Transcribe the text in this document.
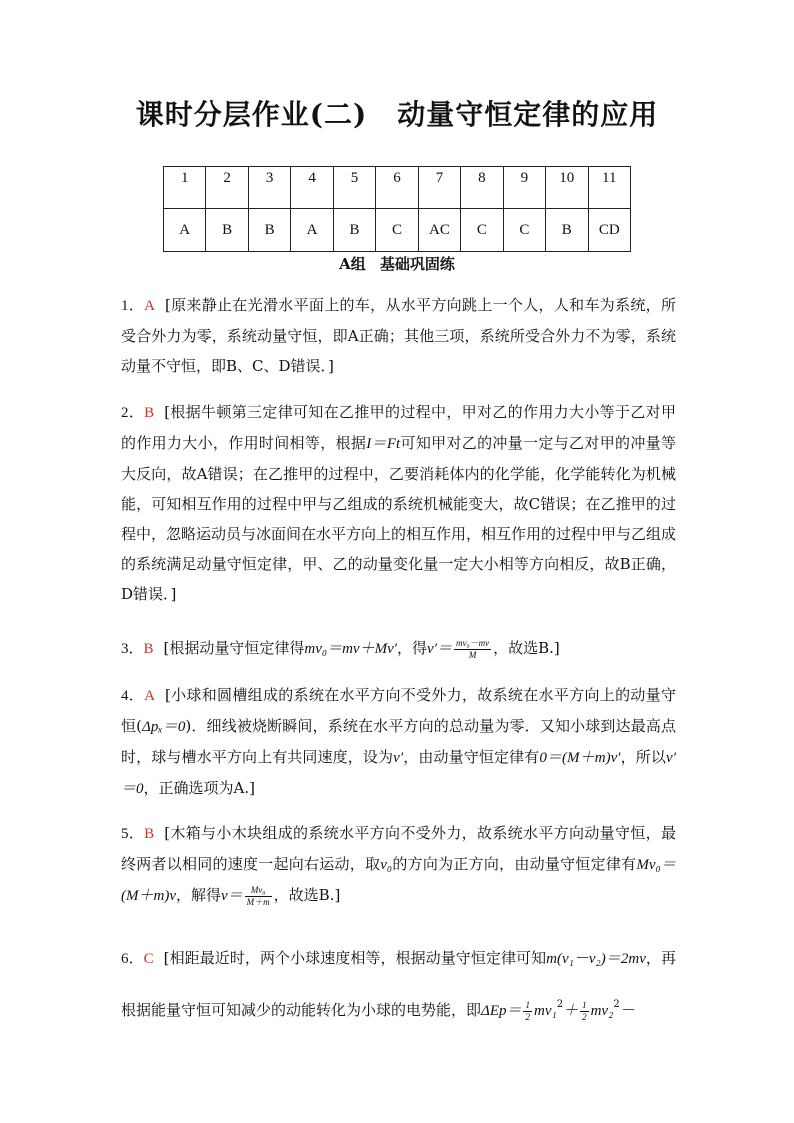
课时分层作业(二) 动量守恒定律的应用
1	2	3	4	5	6	7	8	9	10	11
A	B	B	A	B	C	AC	C	C	B	CD
A组 基础巩固练
1．A [原来静止在光滑水平面上的车，从水平方向跳上一个人，人和车为系统，所受合外力为零，系统动量守恒，即A正确；其他三项，系统所受合外力不为零，系统动量不守恒，即B、C、D错误．]
2．B [根据牛顿第三定律可知在乙推甲的过程中，甲对乙的作用力大小等于乙对甲的作用力大小，作用时间相等，根据I＝Ft可知甲对乙的冲量一定与乙对甲的冲量等大反向，故A错误；在乙推甲的过程中，乙要消耗体内的化学能，化学能转化为机械能，可知相互作用的过程中甲与乙组成的系统机械能变大，故C错误；在乙推甲的过程中，忽略运动员与冰面间在水平方向上的相互作用，相互作用的过程中甲与乙组成的系统满足动量守恒定律，甲、乙的动量变化量一定大小相等方向相反，故B正确，D错误．]
3．B [根据动量守恒定律得mv₀＝mv＋Mv′，得$v'= \frac{\text{mv₀－mv}}{M}$ ，故选B.]
4．A [小球和圆槽组成的系统在水平方向不受外力，故系统在水平方向上的动量守恒(Δpₓ＝0)．细线被烧断瞬间，系统在水平方向的总动量为零．又知小球到达最高点时，球与槽水平方向上有共同速度，设为v′，由动量守恒定律有0＝(M＋m)v′，所以v′＝0，正确选项为A.]
5．B [木箱与小木块组成的系统水平方向不受外力，故系统水平方向动量守恒，最终两者以相同的速度一起向右运动，取v₀的方向为正方向，由动量守恒定律有Mv₀＝(M＋m)v，解得$v= \frac{\text{Mv₀}}{M+m}$ ，故选B.]
6．C [相距最近时，两个小球速度相等，根据动量守恒定律可知m(v₁－v₂)＝2mv，再根据能量守恒可知减少的动能转化为小球的电势能，即$\Delta Ep= \frac{1}{2} mv_1^2+ \frac{1}{2} mv_2^2-$
